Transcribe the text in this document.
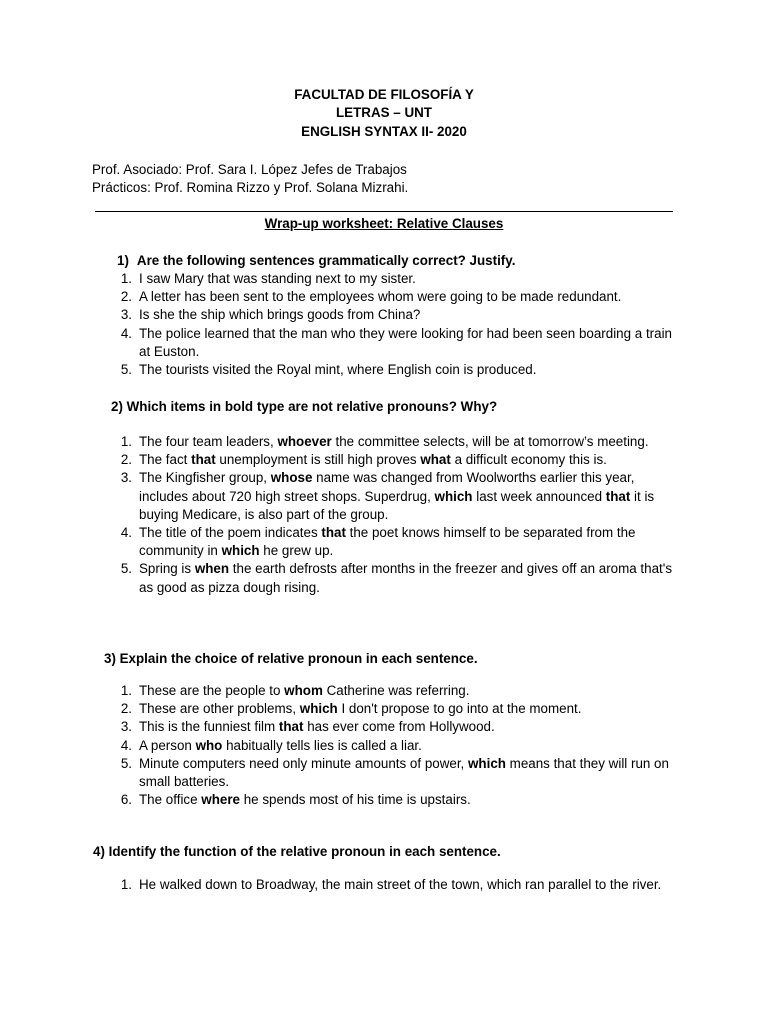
FACULTAD DE FILOSOFÍA Y
LETRAS – UNT
ENGLISH SYNTAX II- 2020
Prof. Asociado: Prof. Sara I. López Jefes de Trabajos
Prácticos: Prof. Romina Rizzo y Prof. Solana Mizrahi.
Wrap-up worksheet: Relative Clauses
1) Are the following sentences grammatically correct? Justify.
1. I saw Mary that was standing next to my sister.
2. A letter has been sent to the employees whom were going to be made redundant.
3. Is she the ship which brings goods from China?
4. The police learned that the man who they were looking for had been seen boarding a train at Euston.
5. The tourists visited the Royal mint, where English coin is produced.
2) Which items in bold type are not relative pronouns? Why?
1. The four team leaders, whoever the committee selects, will be at tomorrow’s meeting.
2. The fact that unemployment is still high proves what a difficult economy this is.
3. The Kingfisher group, whose name was changed from Woolworths earlier this year, includes about 720 high street shops. Superdrug, which last week announced that it is buying Medicare, is also part of the group.
4. The title of the poem indicates that the poet knows himself to be separated from the community in which he grew up.
5. Spring is when the earth defrosts after months in the freezer and gives off an aroma that's as good as pizza dough rising.
3) Explain the choice of relative pronoun in each sentence.
1. These are the people to whom Catherine was referring.
2. These are other problems, which I don't propose to go into at the moment.
3. This is the funniest film that has ever come from Hollywood.
4. A person who habitually tells lies is called a liar.
5. Minute computers need only minute amounts of power, which means that they will run on small batteries.
6. The office where he spends most of his time is upstairs.
4) Identify the function of the relative pronoun in each sentence.
1. He walked down to Broadway, the main street of the town, which ran parallel to the river.
